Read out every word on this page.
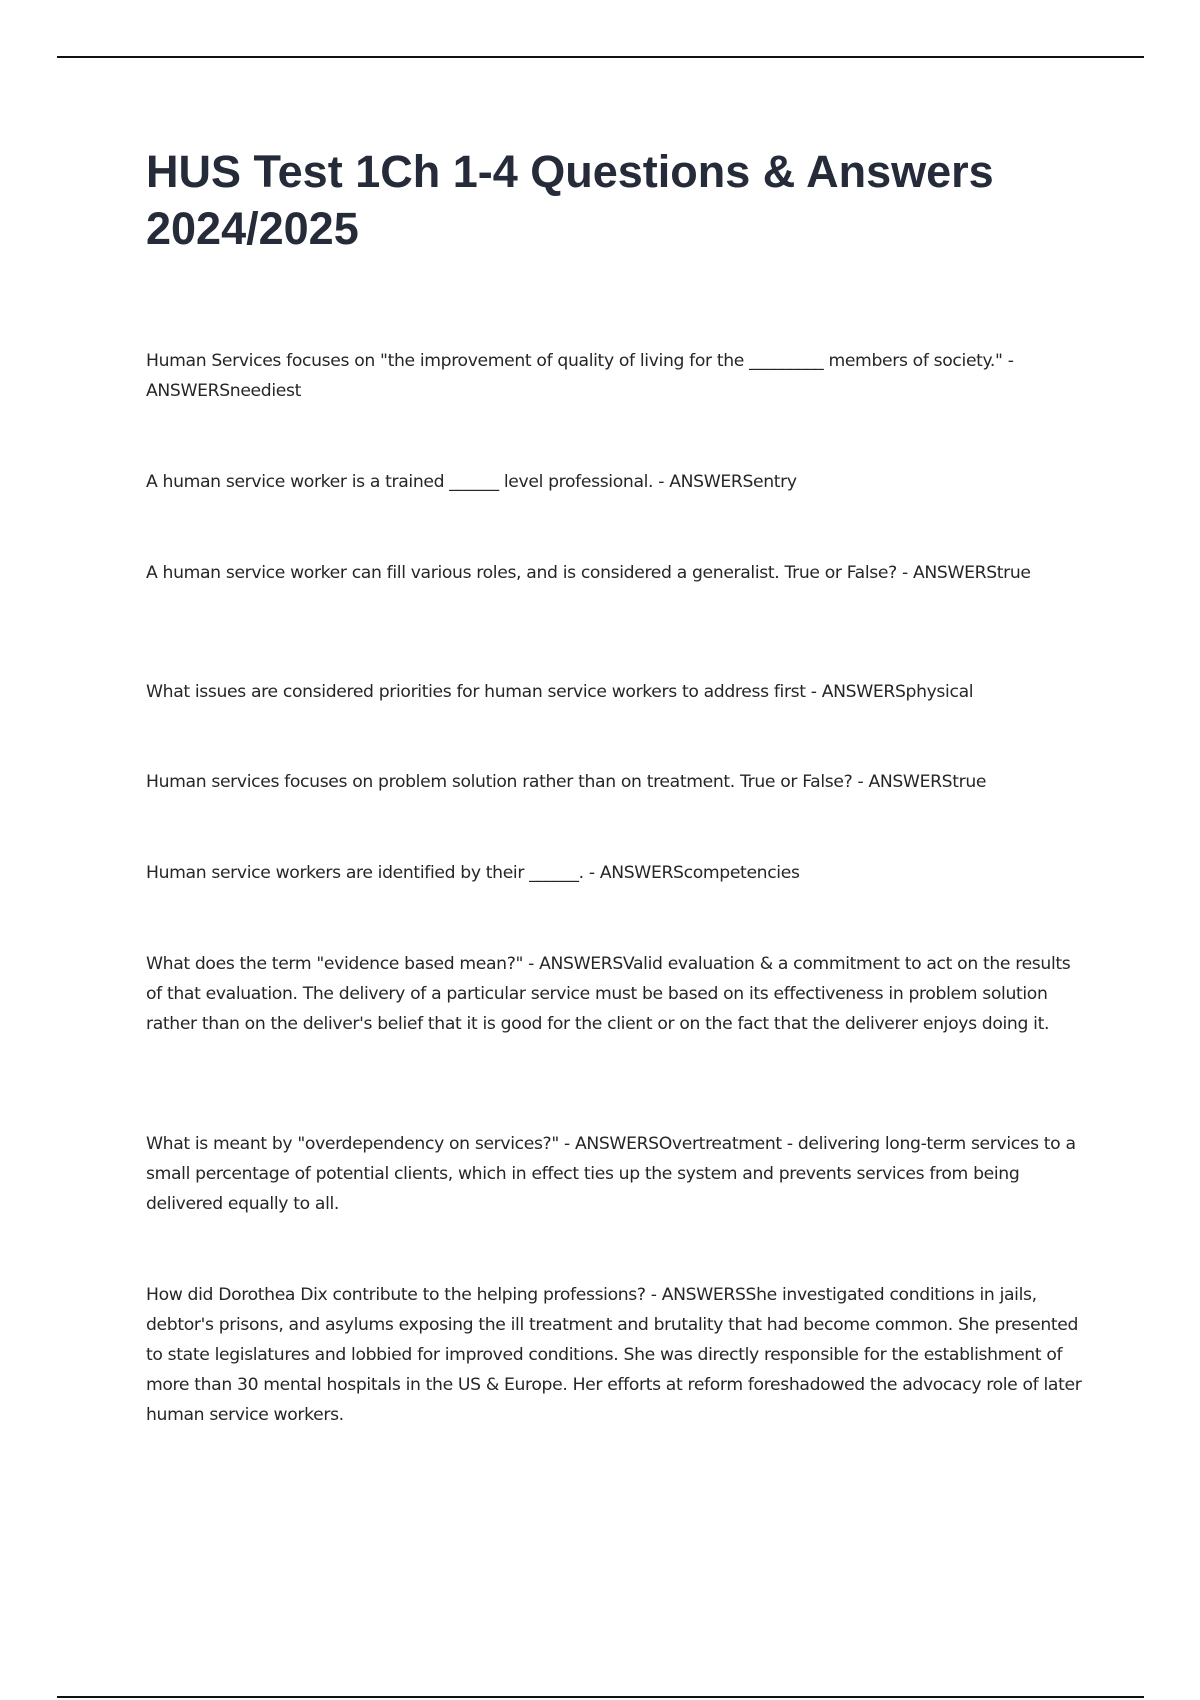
HUS Test 1Ch 1-4 Questions & Answers 2024/2025

Human Services focuses on "the improvement of quality of living for the _________ members of society." - ANSWERSneediest

A human service worker is a trained ______ level professional. - ANSWERSentry

A human service worker can fill various roles, and is considered a generalist. True or False? - ANSWERStrue

What issues are considered priorities for human service workers to address first - ANSWERSphysical

Human services focuses on problem solution rather than on treatment. True or False? - ANSWERStrue

Human service workers are identified by their ______. - ANSWERScompetencies

What does the term "evidence based mean?" - ANSWERSValid evaluation & a commitment to act on the results of that evaluation. The delivery of a particular service must be based on its effectiveness in problem solution rather than on the deliver's belief that it is good for the client or on the fact that the deliverer enjoys doing it.

What is meant by "overdependency on services?" - ANSWERSOvertreatment - delivering long-term services to a small percentage of potential clients, which in effect ties up the system and prevents services from being delivered equally to all.

How did Dorothea Dix contribute to the helping professions? - ANSWERSShe investigated conditions in jails, debtor's prisons, and asylums exposing the ill treatment and brutality that had become common. She presented to state legislatures and lobbied for improved conditions. She was directly responsible for the establishment of more than 30 mental hospitals in the US & Europe. Her efforts at reform foreshadowed the advocacy role of later human service workers.
